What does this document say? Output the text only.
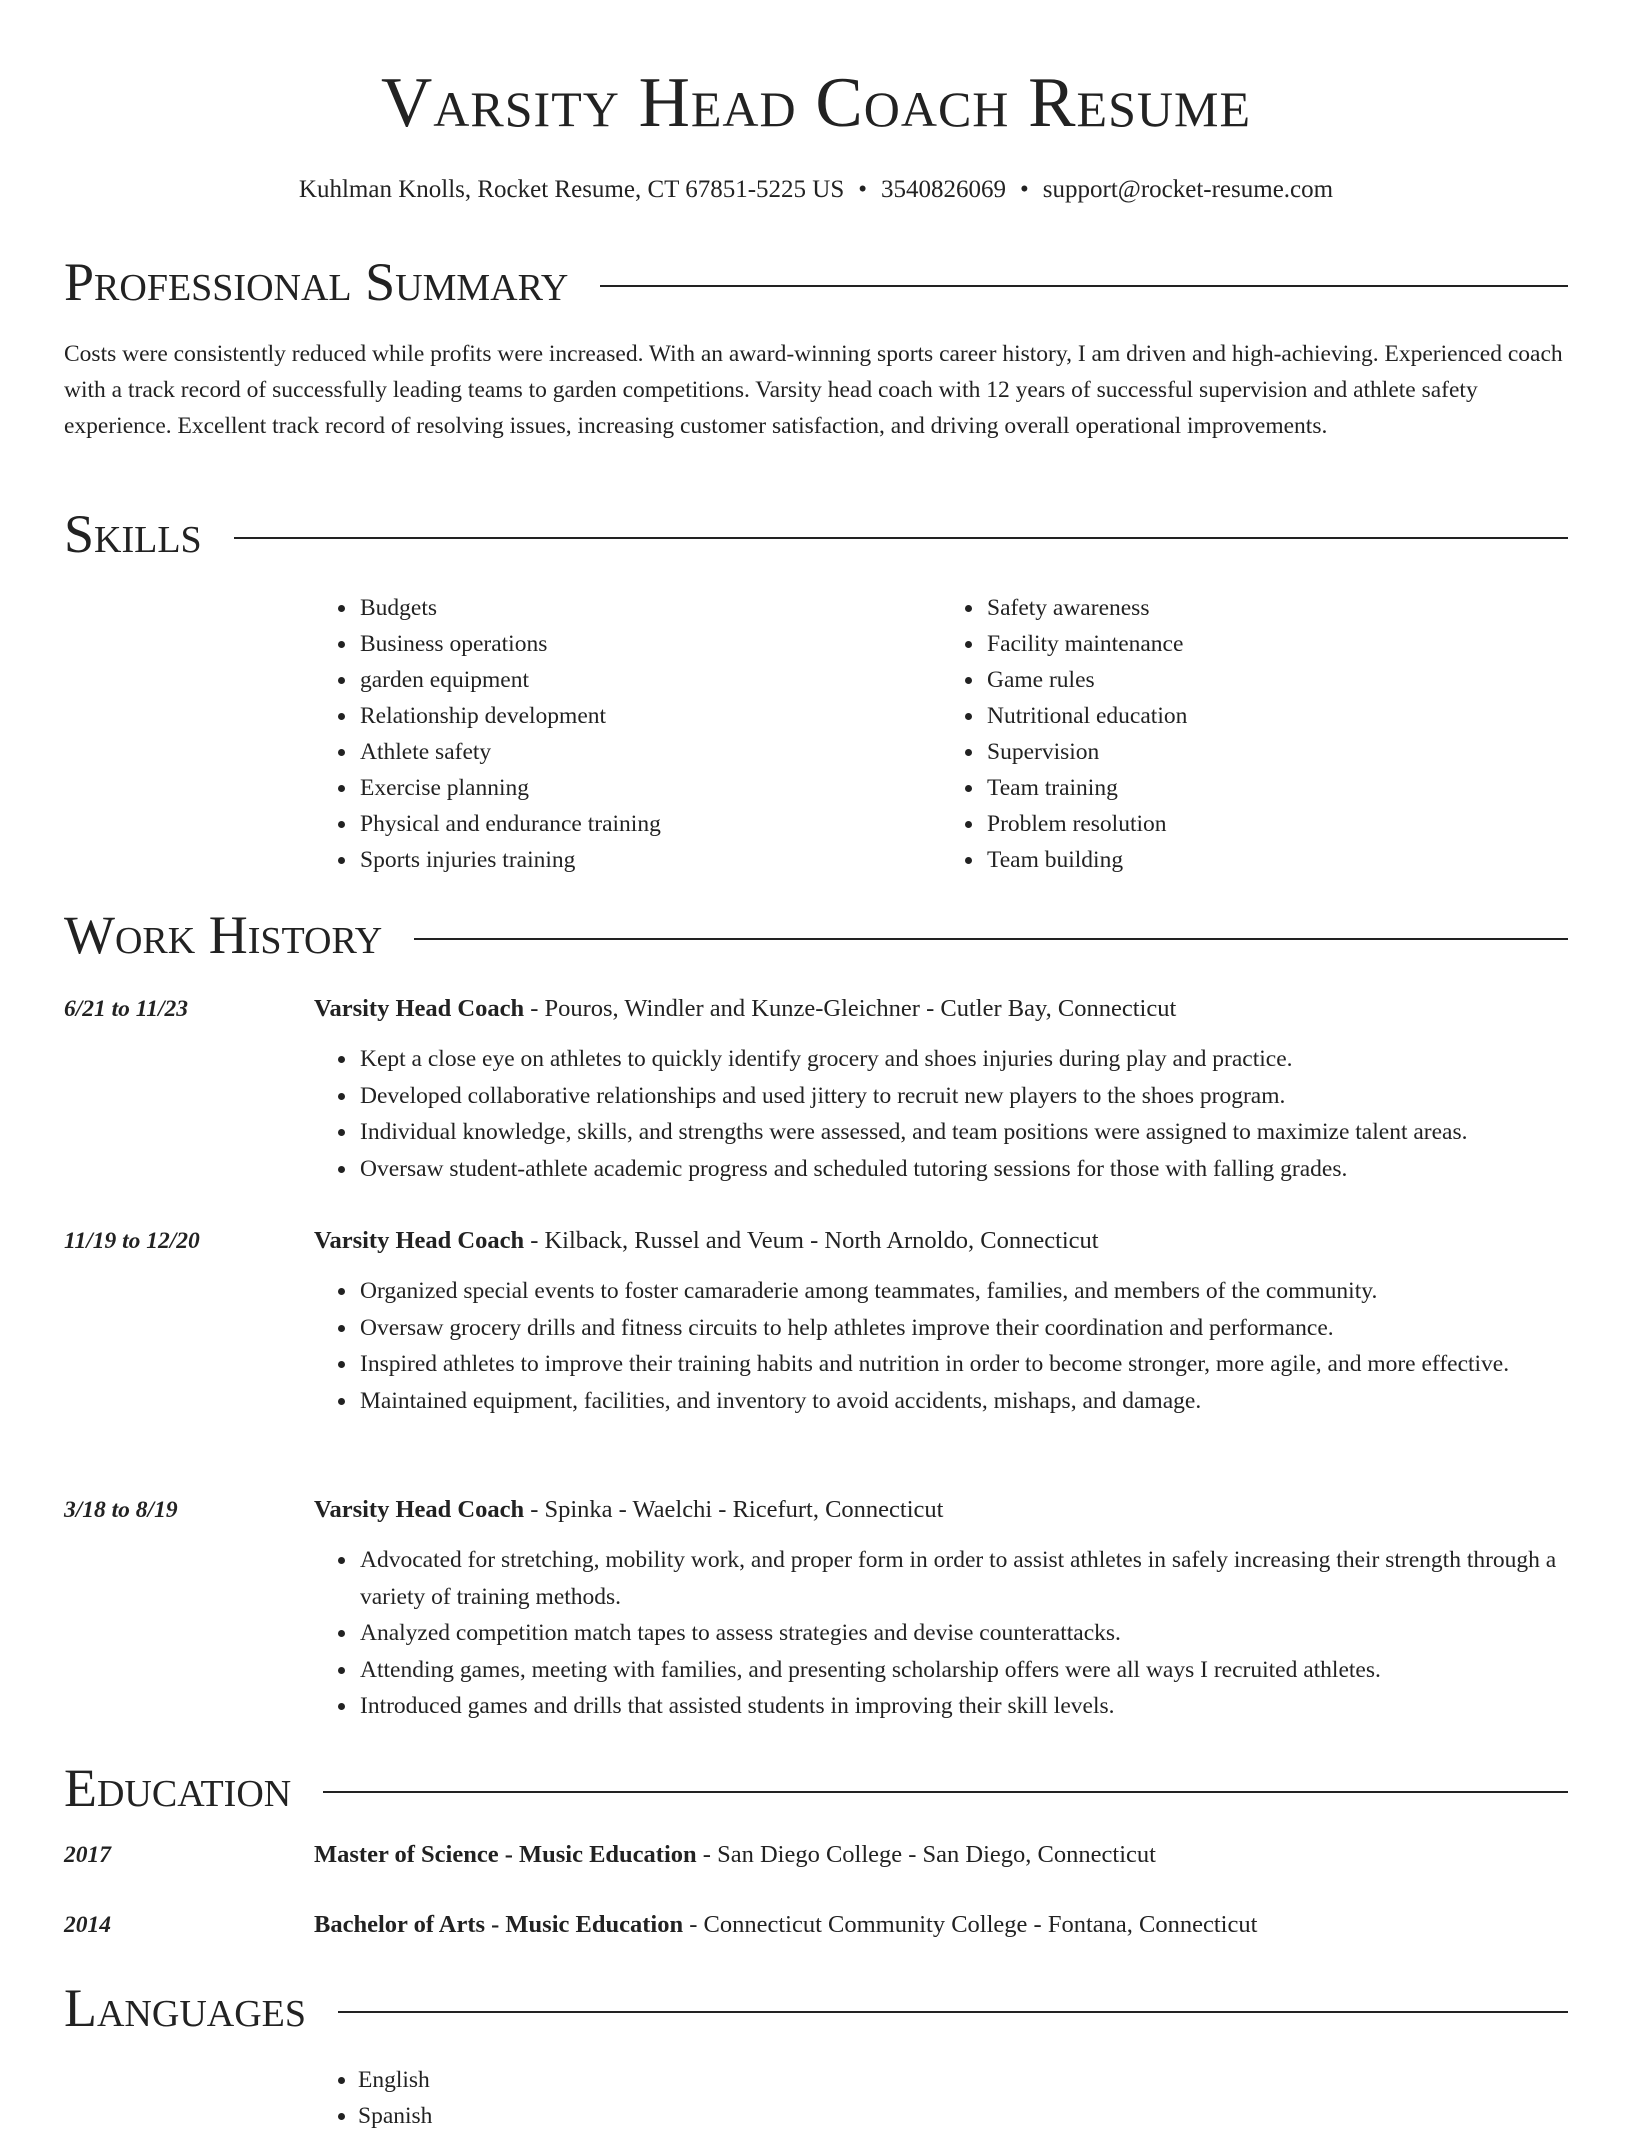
Varsity Head Coach Resume
Kuhlman Knolls, Rocket Resume, CT 67851-5225 US • 3540826069 • support@rocket-resume.com
Professional Summary

Costs were consistently reduced while profits were increased. With an award-winning sports career history, I am driven and high-achieving. Experienced coach with a track record of successfully leading teams to garden competitions. Varsity head coach with 12 years of successful supervision and athlete safety experience. Excellent track record of resolving issues, increasing customer satisfaction, and driving overall operational improvements.

Skills
• Budgets
• Business operations
• garden equipment
• Relationship development
• Athlete safety
• Exercise planning
• Physical and endurance training
• Sports injuries training
• Safety awareness
• Facility maintenance
• Game rules
• Nutritional education
• Supervision
• Team training
• Problem resolution
• Team building
Work History
6/21 to 11/23	Varsity Head Coach - Pouros, Windler and Kunze-Gleichner - Cutler Bay, Connecticut
• Kept a close eye on athletes to quickly identify grocery and shoes injuries during play and practice.
• Developed collaborative relationships and used jittery to recruit new players to the shoes program.
• Individual knowledge, skills, and strengths were assessed, and team positions were assigned to maximize talent areas.
• Oversaw student-athlete academic progress and scheduled tutoring sessions for those with falling grades.
11/19 to 12/20	Varsity Head Coach - Kilback, Russel and Veum - North Arnoldo, Connecticut
• Organized special events to foster camaraderie among teammates, families, and members of the community.
• Oversaw grocery drills and fitness circuits to help athletes improve their coordination and performance.
• Inspired athletes to improve their training habits and nutrition in order to become stronger, more agile, and more effective.
• Maintained equipment, facilities, and inventory to avoid accidents, mishaps, and damage.
3/18 to 8/19	Varsity Head Coach - Spinka - Waelchi - Ricefurt, Connecticut
• Advocated for stretching, mobility work, and proper form in order to assist athletes in safely increasing their strength through a variety of training methods.
• Analyzed competition match tapes to assess strategies and devise counterattacks.
• Attending games, meeting with families, and presenting scholarship offers were all ways I recruited athletes.
• Introduced games and drills that assisted students in improving their skill levels.
Education
2017	Master of Science - Music Education - San Diego College - San Diego, Connecticut
2014	Bachelor of Arts - Music Education - Connecticut Community College - Fontana, Connecticut
Languages
• English
• Spanish
